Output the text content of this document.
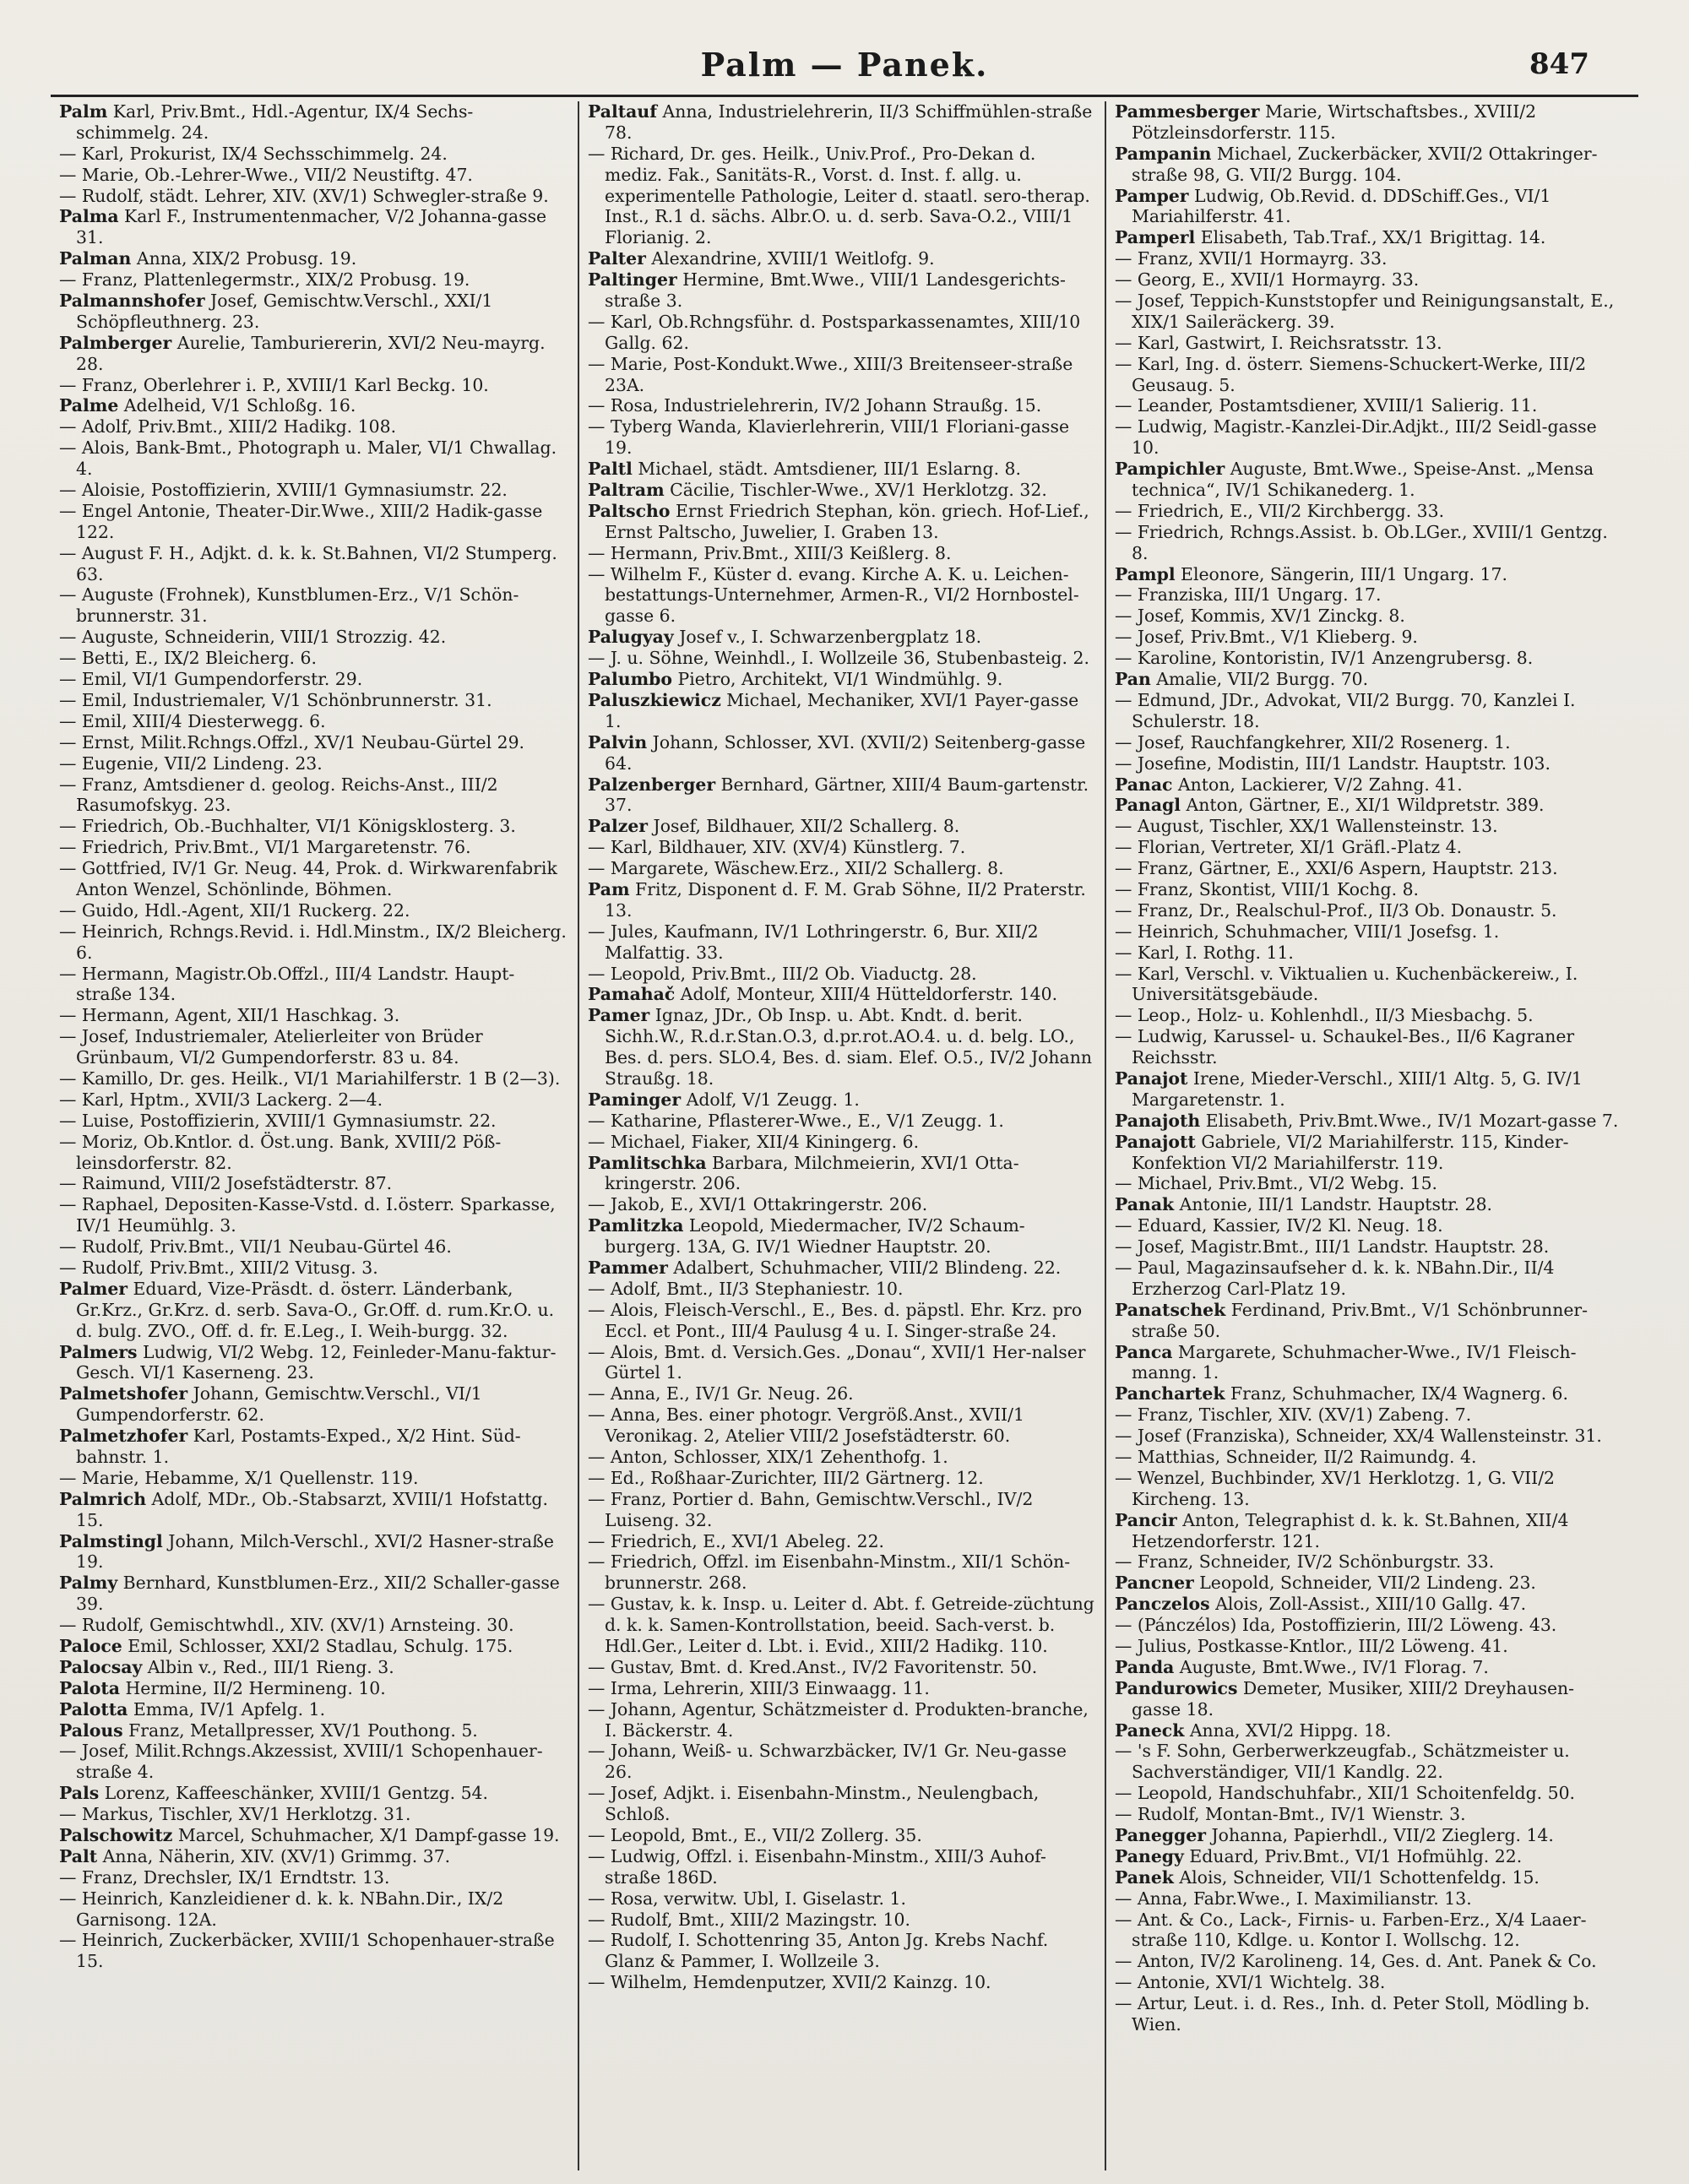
Palm — Panek.	847
Palm Karl, Priv.Bmt., Hdl.-Agentur, IX/4 Sechs-schimmelg. 24.
— Karl, Prokurist, IX/4 Sechsschimmelg. 24.
— Marie, Ob.-Lehrer-Wwe., VII/2 Neustiftg. 47.
— Rudolf, städt. Lehrer, XIV. (XV/1) Schwegler-straße 9.
Palma Karl F., Instrumentenmacher, V/2 Johanna-gasse 31.
Palman Anna, XIX/2 Probusg. 19.
— Franz, Plattenlegermstr., XIX/2 Probusg. 19.
Palmannshofer Josef, Gemischtw.Verschl., XXI/1 Schöpfleuthnerg. 23.
Palmberger Aurelie, Tamburiererin, XVI/2 Neu-mayrg. 28.
— Franz, Oberlehrer i. P., XVIII/1 Karl Beckg. 10.
Palme Adelheid, V/1 Schloßg. 16.
— Adolf, Priv.Bmt., XIII/2 Hadikg. 108.
— Alois, Bank-Bmt., Photograph u. Maler, VI/1 Chwallag. 4.
— Aloisie, Postoffizierin, XVIII/1 Gymnasiumstr. 22.
— Engel Antonie, Theater-Dir.Wwe., XIII/2 Hadik-gasse 122.
— August F. H., Adjkt. d. k. k. St.Bahnen, VI/2 Stumperg. 63.
— Auguste (Frohnek), Kunstblumen-Erz., V/1 Schön-brunnerstr. 31.
— Auguste, Schneiderin, VIII/1 Strozzig. 42.
— Betti, E., IX/2 Bleicherg. 6.
— Emil, VI/1 Gumpendorferstr. 29.
— Emil, Industriemaler, V/1 Schönbrunnerstr. 31.
— Emil, XIII/4 Diesterwegg. 6.
— Ernst, Milit.Rchngs.Offzl., XV/1 Neubau-Gürtel 29.
— Eugenie, VII/2 Lindeng. 23.
— Franz, Amtsdiener d. geolog. Reichs-Anst., III/2 Rasumofskyg. 23.
— Friedrich, Ob.-Buchhalter, VI/1 Königsklosterg. 3.
— Friedrich, Priv.Bmt., VI/1 Margaretenstr. 76.
— Gottfried, IV/1 Gr. Neug. 44, Prok. d. Wirkwarenfabrik Anton Wenzel, Schönlinde, Böhmen.
— Guido, Hdl.-Agent, XII/1 Ruckerg. 22.
— Heinrich, Rchngs.Revid. i. Hdl.Minstm., IX/2 Bleicherg. 6.
— Hermann, Magistr.Ob.Offzl., III/4 Landstr. Haupt-straße 134.
— Hermann, Agent, XII/1 Haschkag. 3.
— Josef, Industriemaler, Atelierleiter von Brüder Grünbaum, VI/2 Gumpendorferstr. 83 u. 84.
— Kamillo, Dr. ges. Heilk., VI/1 Mariahilferstr. 1 B (2—3).
— Karl, Hptm., XVII/3 Lackerg. 2—4.
— Luise, Postoffizierin, XVIII/1 Gymnasiumstr. 22.
— Moriz, Ob.Kntlor. d. Öst.ung. Bank, XVIII/2 Pöß-leinsdorferstr. 82.
— Raimund, VIII/2 Josefstädterstr. 87.
— Raphael, Depositen-Kasse-Vstd. d. I.österr. Sparkasse, IV/1 Heumühlg. 3.
— Rudolf, Priv.Bmt., VII/1 Neubau-Gürtel 46.
— Rudolf, Priv.Bmt., XIII/2 Vitusg. 3.
Palmer Eduard, Vize-Präsdt. d. österr. Länderbank, Gr.Krz., Gr.Krz. d. serb. Sava-O., Gr.Off. d. rum.Kr.O. u. d. bulg. ZVO., Off. d. fr. E.Leg., I. Weih-burgg. 32.
Palmers Ludwig, VI/2 Webg. 12, Feinleder-Manu-faktur-Gesch. VI/1 Kaserneng. 23.
Palmetshofer Johann, Gemischtw.Verschl., VI/1 Gumpendorferstr. 62.
Palmetzhofer Karl, Postamts-Exped., X/2 Hint. Süd-bahnstr. 1.
— Marie, Hebamme, X/1 Quellenstr. 119.
Palmrich Adolf, MDr., Ob.-Stabsarzt, XVIII/1 Hofstattg. 15.
Palmstingl Johann, Milch-Verschl., XVI/2 Hasner-straße 19.
Palmy Bernhard, Kunstblumen-Erz., XII/2 Schaller-gasse 39.
— Rudolf, Gemischtwhdl., XIV. (XV/1) Arnsteing. 30.
Paloce Emil, Schlosser, XXI/2 Stadlau, Schulg. 175.
Palocsay Albin v., Red., III/1 Rieng. 3.
Palota Hermine, II/2 Hermineng. 10.
Palotta Emma, IV/1 Apfelg. 1.
Palous Franz, Metallpresser, XV/1 Pouthong. 5.
— Josef, Milit.Rchngs.Akzessist, XVIII/1 Schopenhauer-straße 4.
Pals Lorenz, Kaffeeschänker, XVIII/1 Gentzg. 54.
— Markus, Tischler, XV/1 Herklotzg. 31.
Palschowitz Marcel, Schuhmacher, X/1 Dampf-gasse 19.
Palt Anna, Näherin, XIV. (XV/1) Grimmg. 37.
— Franz, Drechsler, IX/1 Erndtstr. 13.
— Heinrich, Kanzleidiener d. k. k. NBahn.Dir., IX/2 Garnisong. 12A.
— Heinrich, Zuckerbäcker, XVIII/1 Schopenhauer-straße 15.
Paltauf Anna, Industrielehrerin, II/3 Schiffmühlen-straße 78.
— Richard, Dr. ges. Heilk., Univ.Prof., Pro-Dekan d. mediz. Fak., Sanitäts-R., Vorst. d. Inst. f. allg. u. experimentelle Pathologie, Leiter d. staatl. sero-therap. Inst., R.1 d. sächs. Albr.O. u. d. serb. Sava-O.2., VIII/1 Florianig. 2.
Palter Alexandrine, XVIII/1 Weitlofg. 9.
Paltinger Hermine, Bmt.Wwe., VIII/1 Landesgerichts-straße 3.
— Karl, Ob.Rchngsführ. d. Postsparkassenamtes, XIII/10 Gallg. 62.
— Marie, Post-Kondukt.Wwe., XIII/3 Breitenseer-straße 23A.
— Rosa, Industrielehrerin, IV/2 Johann Straußg. 15.
— Tyberg Wanda, Klavierlehrerin, VIII/1 Floriani-gasse 19.
Paltl Michael, städt. Amtsdiener, III/1 Eslarng. 8.
Paltram Cäcilie, Tischler-Wwe., XV/1 Herklotzg. 32.
Paltscho Ernst Friedrich Stephan, kön. griech. Hof-Lief., Ernst Paltscho, Juwelier, I. Graben 13.
— Hermann, Priv.Bmt., XIII/3 Keißlerg. 8.
— Wilhelm F., Küster d. evang. Kirche A. K. u. Leichen-bestattungs-Unternehmer, Armen-R., VI/2 Hornbostel-gasse 6.
Palugyay Josef v., I. Schwarzenbergplatz 18.
— J. u. Söhne, Weinhdl., I. Wollzeile 36, Stubenbasteig. 2.
Palumbo Pietro, Architekt, VI/1 Windmühlg. 9.
Paluszkiewicz Michael, Mechaniker, XVI/1 Payer-gasse 1.
Palvin Johann, Schlosser, XVI. (XVII/2) Seitenberg-gasse 64.
Palzenberger Bernhard, Gärtner, XIII/4 Baum-gartenstr. 37.
Palzer Josef, Bildhauer, XII/2 Schallerg. 8.
— Karl, Bildhauer, XIV. (XV/4) Künstlerg. 7.
— Margarete, Wäschew.Erz., XII/2 Schallerg. 8.
Pam Fritz, Disponent d. F. M. Grab Söhne, II/2 Praterstr. 13.
— Jules, Kaufmann, IV/1 Lothringerstr. 6, Bur. XII/2 Malfattig. 33.
— Leopold, Priv.Bmt., III/2 Ob. Viaductg. 28.
Pamahač Adolf, Monteur, XIII/4 Hütteldorferstr. 140.
Pamer Ignaz, JDr., Ob Insp. u. Abt. Kndt. d. berit. Sichh.W., R.d.r.Stan.O.3, d.pr.rot.AO.4. u. d. belg. LO., Bes. d. pers. SLO.4, Bes. d. siam. Elef. O.5., IV/2 Johann Straußg. 18.
Paminger Adolf, V/1 Zeugg. 1.
— Katharine, Pflasterer-Wwe., E., V/1 Zeugg. 1.
— Michael, Fiaker, XII/4 Kiningerg. 6.
Pamlitschka Barbara, Milchmeierin, XVI/1 Otta-kringerstr. 206.
— Jakob, E., XVI/1 Ottakringerstr. 206.
Pamlitzka Leopold, Miedermacher, IV/2 Schaum-burgerg. 13A, G. IV/1 Wiedner Hauptstr. 20.
Pammer Adalbert, Schuhmacher, VIII/2 Blindeng. 22.
— Adolf, Bmt., II/3 Stephaniestr. 10.
— Alois, Fleisch-Verschl., E., Bes. d. päpstl. Ehr. Krz. pro Eccl. et Pont., III/4 Paulusg 4 u. I. Singer-straße 24.
— Alois, Bmt. d. Versich.Ges. „Donau“, XVII/1 Her-nalser Gürtel 1.
— Anna, E., IV/1 Gr. Neug. 26.
— Anna, Bes. einer photogr. Vergröß.Anst., XVII/1 Veronikag. 2, Atelier VIII/2 Josefstädterstr. 60.
— Anton, Schlosser, XIX/1 Zehenthofg. 1.
— Ed., Roßhaar-Zurichter, III/2 Gärtnerg. 12.
— Franz, Portier d. Bahn, Gemischtw.Verschl., IV/2 Luiseng. 32.
— Friedrich, E., XVI/1 Abeleg. 22.
— Friedrich, Offzl. im Eisenbahn-Minstm., XII/1 Schön-brunnerstr. 268.
— Gustav, k. k. Insp. u. Leiter d. Abt. f. Getreide-züchtung d. k. k. Samen-Kontrollstation, beeid. Sach-verst. b. Hdl.Ger., Leiter d. Lbt. i. Evid., XIII/2 Hadikg. 110.
— Gustav, Bmt. d. Kred.Anst., IV/2 Favoritenstr. 50.
— Irma, Lehrerin, XIII/3 Einwaagg. 11.
— Johann, Agentur, Schätzmeister d. Produkten-branche, I. Bäckerstr. 4.
— Johann, Weiß- u. Schwarzbäcker, IV/1 Gr. Neu-gasse 26.
— Josef, Adjkt. i. Eisenbahn-Minstm., Neulengbach, Schloß.
— Leopold, Bmt., E., VII/2 Zollerg. 35.
— Ludwig, Offzl. i. Eisenbahn-Minstm., XIII/3 Auhof-straße 186D.
— Rosa, verwitw. Ubl, I. Giselastr. 1.
— Rudolf, Bmt., XIII/2 Mazingstr. 10.
— Rudolf, I. Schottenring 35, Anton Jg. Krebs Nachf. Glanz & Pammer, I. Wollzeile 3.
— Wilhelm, Hemdenputzer, XVII/2 Kainzg. 10.
Pammesberger Marie, Wirtschaftsbes., XVIII/2 Pötzleinsdorferstr. 115.
Pampanin Michael, Zuckerbäcker, XVII/2 Ottakringer-straße 98, G. VII/2 Burgg. 104.
Pamper Ludwig, Ob.Revid. d. DDSchiff.Ges., VI/1 Mariahilferstr. 41.
Pamperl Elisabeth, Tab.Traf., XX/1 Brigittag. 14.
— Franz, XVII/1 Hormayrg. 33.
— Georg, E., XVII/1 Hormayrg. 33.
— Josef, Teppich-Kunststopfer und Reinigungsanstalt, E., XIX/1 Saileräckerg. 39.
— Karl, Gastwirt, I. Reichsratsstr. 13.
— Karl, Ing. d. österr. Siemens-Schuckert-Werke, III/2 Geusaug. 5.
— Leander, Postamtsdiener, XVIII/1 Salierig. 11.
— Ludwig, Magistr.-Kanzlei-Dir.Adjkt., III/2 Seidl-gasse 10.
Pampichler Auguste, Bmt.Wwe., Speise-Anst. „Mensa technica“, IV/1 Schikanederg. 1.
— Friedrich, E., VII/2 Kirchbergg. 33.
— Friedrich, Rchngs.Assist. b. Ob.LGer., XVIII/1 Gentzg. 8.
Pampl Eleonore, Sängerin, III/1 Ungarg. 17.
— Franziska, III/1 Ungarg. 17.
— Josef, Kommis, XV/1 Zinckg. 8.
— Josef, Priv.Bmt., V/1 Klieberg. 9.
— Karoline, Kontoristin, IV/1 Anzengrubersg. 8.
Pan Amalie, VII/2 Burgg. 70.
— Edmund, JDr., Advokat, VII/2 Burgg. 70, Kanzlei I. Schulerstr. 18.
— Josef, Rauchfangkehrer, XII/2 Rosenerg. 1.
— Josefine, Modistin, III/1 Landstr. Hauptstr. 103.
Panac Anton, Lackierer, V/2 Zahng. 41.
Panagl Anton, Gärtner, E., XI/1 Wildpretstr. 389.
— August, Tischler, XX/1 Wallensteinstr. 13.
— Florian, Vertreter, XI/1 Gräfl.-Platz 4.
— Franz, Gärtner, E., XXI/6 Aspern, Hauptstr. 213.
— Franz, Skontist, VIII/1 Kochg. 8.
— Franz, Dr., Realschul-Prof., II/3 Ob. Donaustr. 5.
— Heinrich, Schuhmacher, VIII/1 Josefsg. 1.
— Karl, I. Rothg. 11.
— Karl, Verschl. v. Viktualien u. Kuchenbäckereiw., I. Universitätsgebäude.
— Leop., Holz- u. Kohlenhdl., II/3 Miesbachg. 5.
— Ludwig, Karussel- u. Schaukel-Bes., II/6 Kagraner Reichsstr.
Panajot Irene, Mieder-Verschl., XIII/1 Altg. 5, G. IV/1 Margaretenstr. 1.
Panajoth Elisabeth, Priv.Bmt.Wwe., IV/1 Mozart-gasse 7.
Panajott Gabriele, VI/2 Mariahilferstr. 115, Kinder-Konfektion VI/2 Mariahilferstr. 119.
— Michael, Priv.Bmt., VI/2 Webg. 15.
Panak Antonie, III/1 Landstr. Hauptstr. 28.
— Eduard, Kassier, IV/2 Kl. Neug. 18.
— Josef, Magistr.Bmt., III/1 Landstr. Hauptstr. 28.
— Paul, Magazinsaufseher d. k. k. NBahn.Dir., II/4 Erzherzog Carl-Platz 19.
Panatschek Ferdinand, Priv.Bmt., V/1 Schönbrunner-straße 50.
Panca Margarete, Schuhmacher-Wwe., IV/1 Fleisch-manng. 1.
Panchartek Franz, Schuhmacher, IX/4 Wagnerg. 6.
— Franz, Tischler, XIV. (XV/1) Zabeng. 7.
— Josef (Franziska), Schneider, XX/4 Wallensteinstr. 31.
— Matthias, Schneider, II/2 Raimundg. 4.
— Wenzel, Buchbinder, XV/1 Herklotzg. 1, G. VII/2 Kircheng. 13.
Pancir Anton, Telegraphist d. k. k. St.Bahnen, XII/4 Hetzendorferstr. 121.
— Franz, Schneider, IV/2 Schönburgstr. 33.
Pancner Leopold, Schneider, VII/2 Lindeng. 23.
Panczelos Alois, Zoll-Assist., XIII/10 Gallg. 47.
— (Pánczélos) Ida, Postoffizierin, III/2 Löweng. 43.
— Julius, Postkasse-Kntlor., III/2 Löweng. 41.
Panda Auguste, Bmt.Wwe., IV/1 Florag. 7.
Pandurowics Demeter, Musiker, XIII/2 Dreyhausen-gasse 18.
Paneck Anna, XVI/2 Hippg. 18.
— 's F. Sohn, Gerberwerkzeugfab., Schätzmeister u. Sachverständiger, VII/1 Kandlg. 22.
— Leopold, Handschuhfabr., XII/1 Schoitenfeldg. 50.
— Rudolf, Montan-Bmt., IV/1 Wienstr. 3.
Panegger Johanna, Papierhdl., VII/2 Zieglerg. 14.
Panegy Eduard, Priv.Bmt., VI/1 Hofmühlg. 22.
Panek Alois, Schneider, VII/1 Schottenfeldg. 15.
— Anna, Fabr.Wwe., I. Maximilianstr. 13.
— Ant. & Co., Lack-, Firnis- u. Farben-Erz., X/4 Laaer-straße 110, Kdlge. u. Kontor I. Wollschg. 12.
— Anton, IV/2 Karolineng. 14, Ges. d. Ant. Panek & Co.
— Antonie, XVI/1 Wichtelg. 38.
— Artur, Leut. i. d. Res., Inh. d. Peter Stoll, Mödling b. Wien.
